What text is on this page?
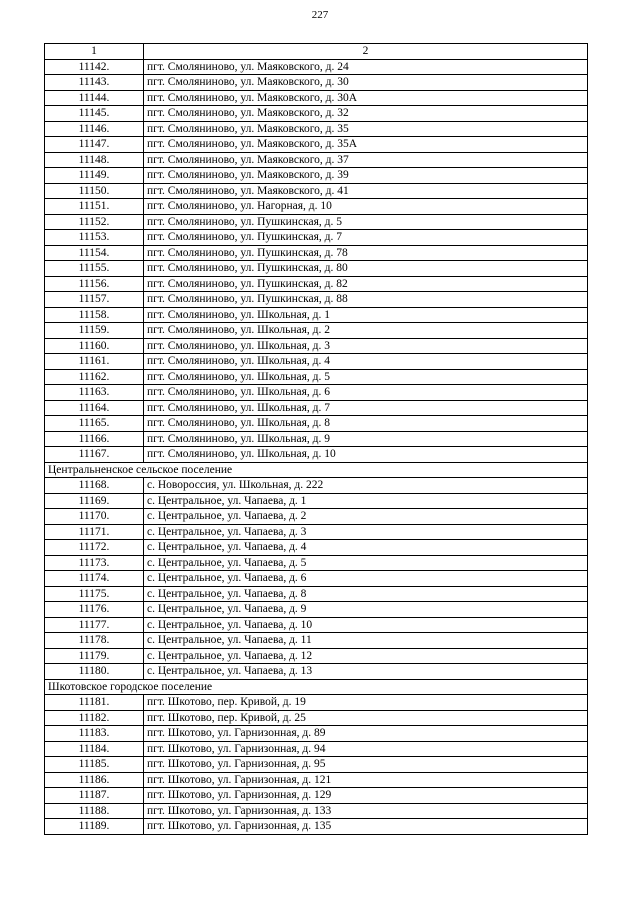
227
1	2
11142.	пгт. Смоляниново, ул. Маяковского, д. 24
11143.	пгт. Смоляниново, ул. Маяковского, д. 30
11144.	пгт. Смоляниново, ул. Маяковского, д. 30А
11145.	пгт. Смоляниново, ул. Маяковского, д. 32
11146.	пгт. Смоляниново, ул. Маяковского, д. 35
11147.	пгт. Смоляниново, ул. Маяковского, д. 35А
11148.	пгт. Смоляниново, ул. Маяковского, д. 37
11149.	пгт. Смоляниново, ул. Маяковского, д. 39
11150.	пгт. Смоляниново, ул. Маяковского, д. 41
11151.	пгт. Смоляниново, ул. Нагорная, д. 10
11152.	пгт. Смоляниново, ул. Пушкинская, д. 5
11153.	пгт. Смоляниново, ул. Пушкинская, д. 7
11154.	пгт. Смоляниново, ул. Пушкинская, д. 78
11155.	пгт. Смоляниново, ул. Пушкинская, д. 80
11156.	пгт. Смоляниново, ул. Пушкинская, д. 82
11157.	пгт. Смоляниново, ул. Пушкинская, д. 88
11158.	пгт. Смоляниново, ул. Школьная, д. 1
11159.	пгт. Смоляниново, ул. Школьная, д. 2
11160.	пгт. Смоляниново, ул. Школьная, д. 3
11161.	пгт. Смоляниново, ул. Школьная, д. 4
11162.	пгт. Смоляниново, ул. Школьная, д. 5
11163.	пгт. Смоляниново, ул. Школьная, д. 6
11164.	пгт. Смоляниново, ул. Школьная, д. 7
11165.	пгт. Смоляниново, ул. Школьная, д. 8
11166.	пгт. Смоляниново, ул. Школьная, д. 9
11167.	пгт. Смоляниново, ул. Школьная, д. 10
Центральненское сельское поселение	
11168.	с. Новороссия, ул. Школьная, д. 222
11169.	с. Центральное, ул. Чапаева, д. 1
11170.	с. Центральное, ул. Чапаева, д. 2
11171.	с. Центральное, ул. Чапаева, д. 3
11172.	с. Центральное, ул. Чапаева, д. 4
11173.	с. Центральное, ул. Чапаева, д. 5
11174.	с. Центральное, ул. Чапаева, д. 6
11175.	с. Центральное, ул. Чапаева, д. 8
11176.	с. Центральное, ул. Чапаева, д. 9
11177.	с. Центральное, ул. Чапаева, д. 10
11178.	с. Центральное, ул. Чапаева, д. 11
11179.	с. Центральное, ул. Чапаева, д. 12
11180.	с. Центральное, ул. Чапаева, д. 13
Шкотовское городское поселение	
11181.	пгт. Шкотово, пер. Кривой, д. 19
11182.	пгт. Шкотово, пер. Кривой, д. 25
11183.	пгт. Шкотово, ул. Гарнизонная, д. 89
11184.	пгт. Шкотово, ул. Гарнизонная, д. 94
11185.	пгт. Шкотово, ул. Гарнизонная, д. 95
11186.	пгт. Шкотово, ул. Гарнизонная, д. 121
11187.	пгт. Шкотово, ул. Гарнизонная, д. 129
11188.	пгт. Шкотово, ул. Гарнизонная, д. 133
11189.	пгт. Шкотово, ул. Гарнизонная, д. 135
